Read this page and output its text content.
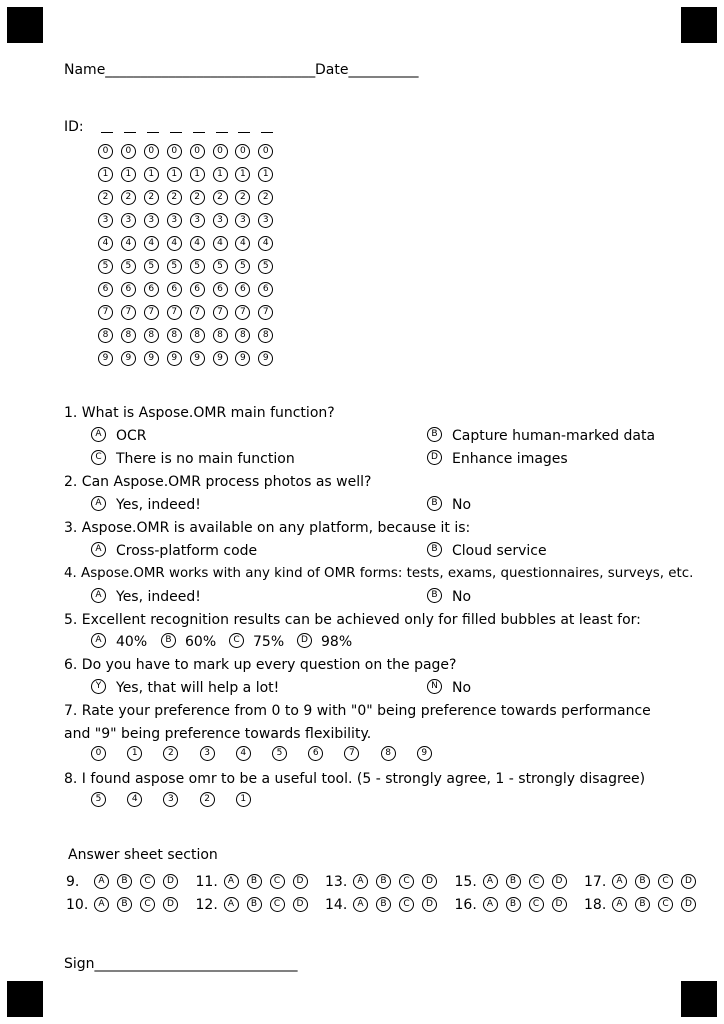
Name______________________________ Date__________
ID:
0	0	0	0	0	0	0	0
1	1	1	1	1	1	1	1
2	2	2	2	2	2	2	2
3	3	3	3	3	3	3	3
4	4	4	4	4	4	4	4
5	5	5	5	5	5	5	5
6	6	6	6	6	6	6	6
7	7	7	7	7	7	7	7
8	8	8	8	8	8	8	8
9	9	9	9	9	9	9	9
1. What is Aspose.OMR main function?
A	OCR	B	Capture human-marked data
C	There is no main function	D Enhance images
2. Can Aspose.OMR process photos as well?
A	Yes, indeed!	B	No
3. Aspose.OMR is available on any platform, because it is:
A	Cross-platform code	B	Cloud service
4. Aspose.OMR works with any kind of OMR forms: tests, exams, questionnaires, surveys, etc.
A	Yes, indeed!	B	No
5. Excellent recognition results can be achieved only for filled bubbles at least for:
A	40%	B 60%	C 75%	D 98%
6. Do you have to mark up every question on the page?
Y	Yes, that will help a lot!	N No
7. Rate your preference from 0 to 9 with "0" being preference towards performance
and "9" being preference towards flexibility.
0	1	2	3	4	5	6	7	8	9
8. I found aspose omr to be a useful tool. (5 - strongly agree, 1 - strongly disagree)
5	4	3	2	1
Answer sheet section
9.	A	B	C	D
10.	A	B	C	D
11.	A	B	C	D
12.	A	B	C	D
13.	A	B	C	D
14.	A	B	C	D
15.	A	B	C	D
16.	A	B	C	D
17.	A	B	C	D
18.	A	B	C	D
Sign_____________________________
